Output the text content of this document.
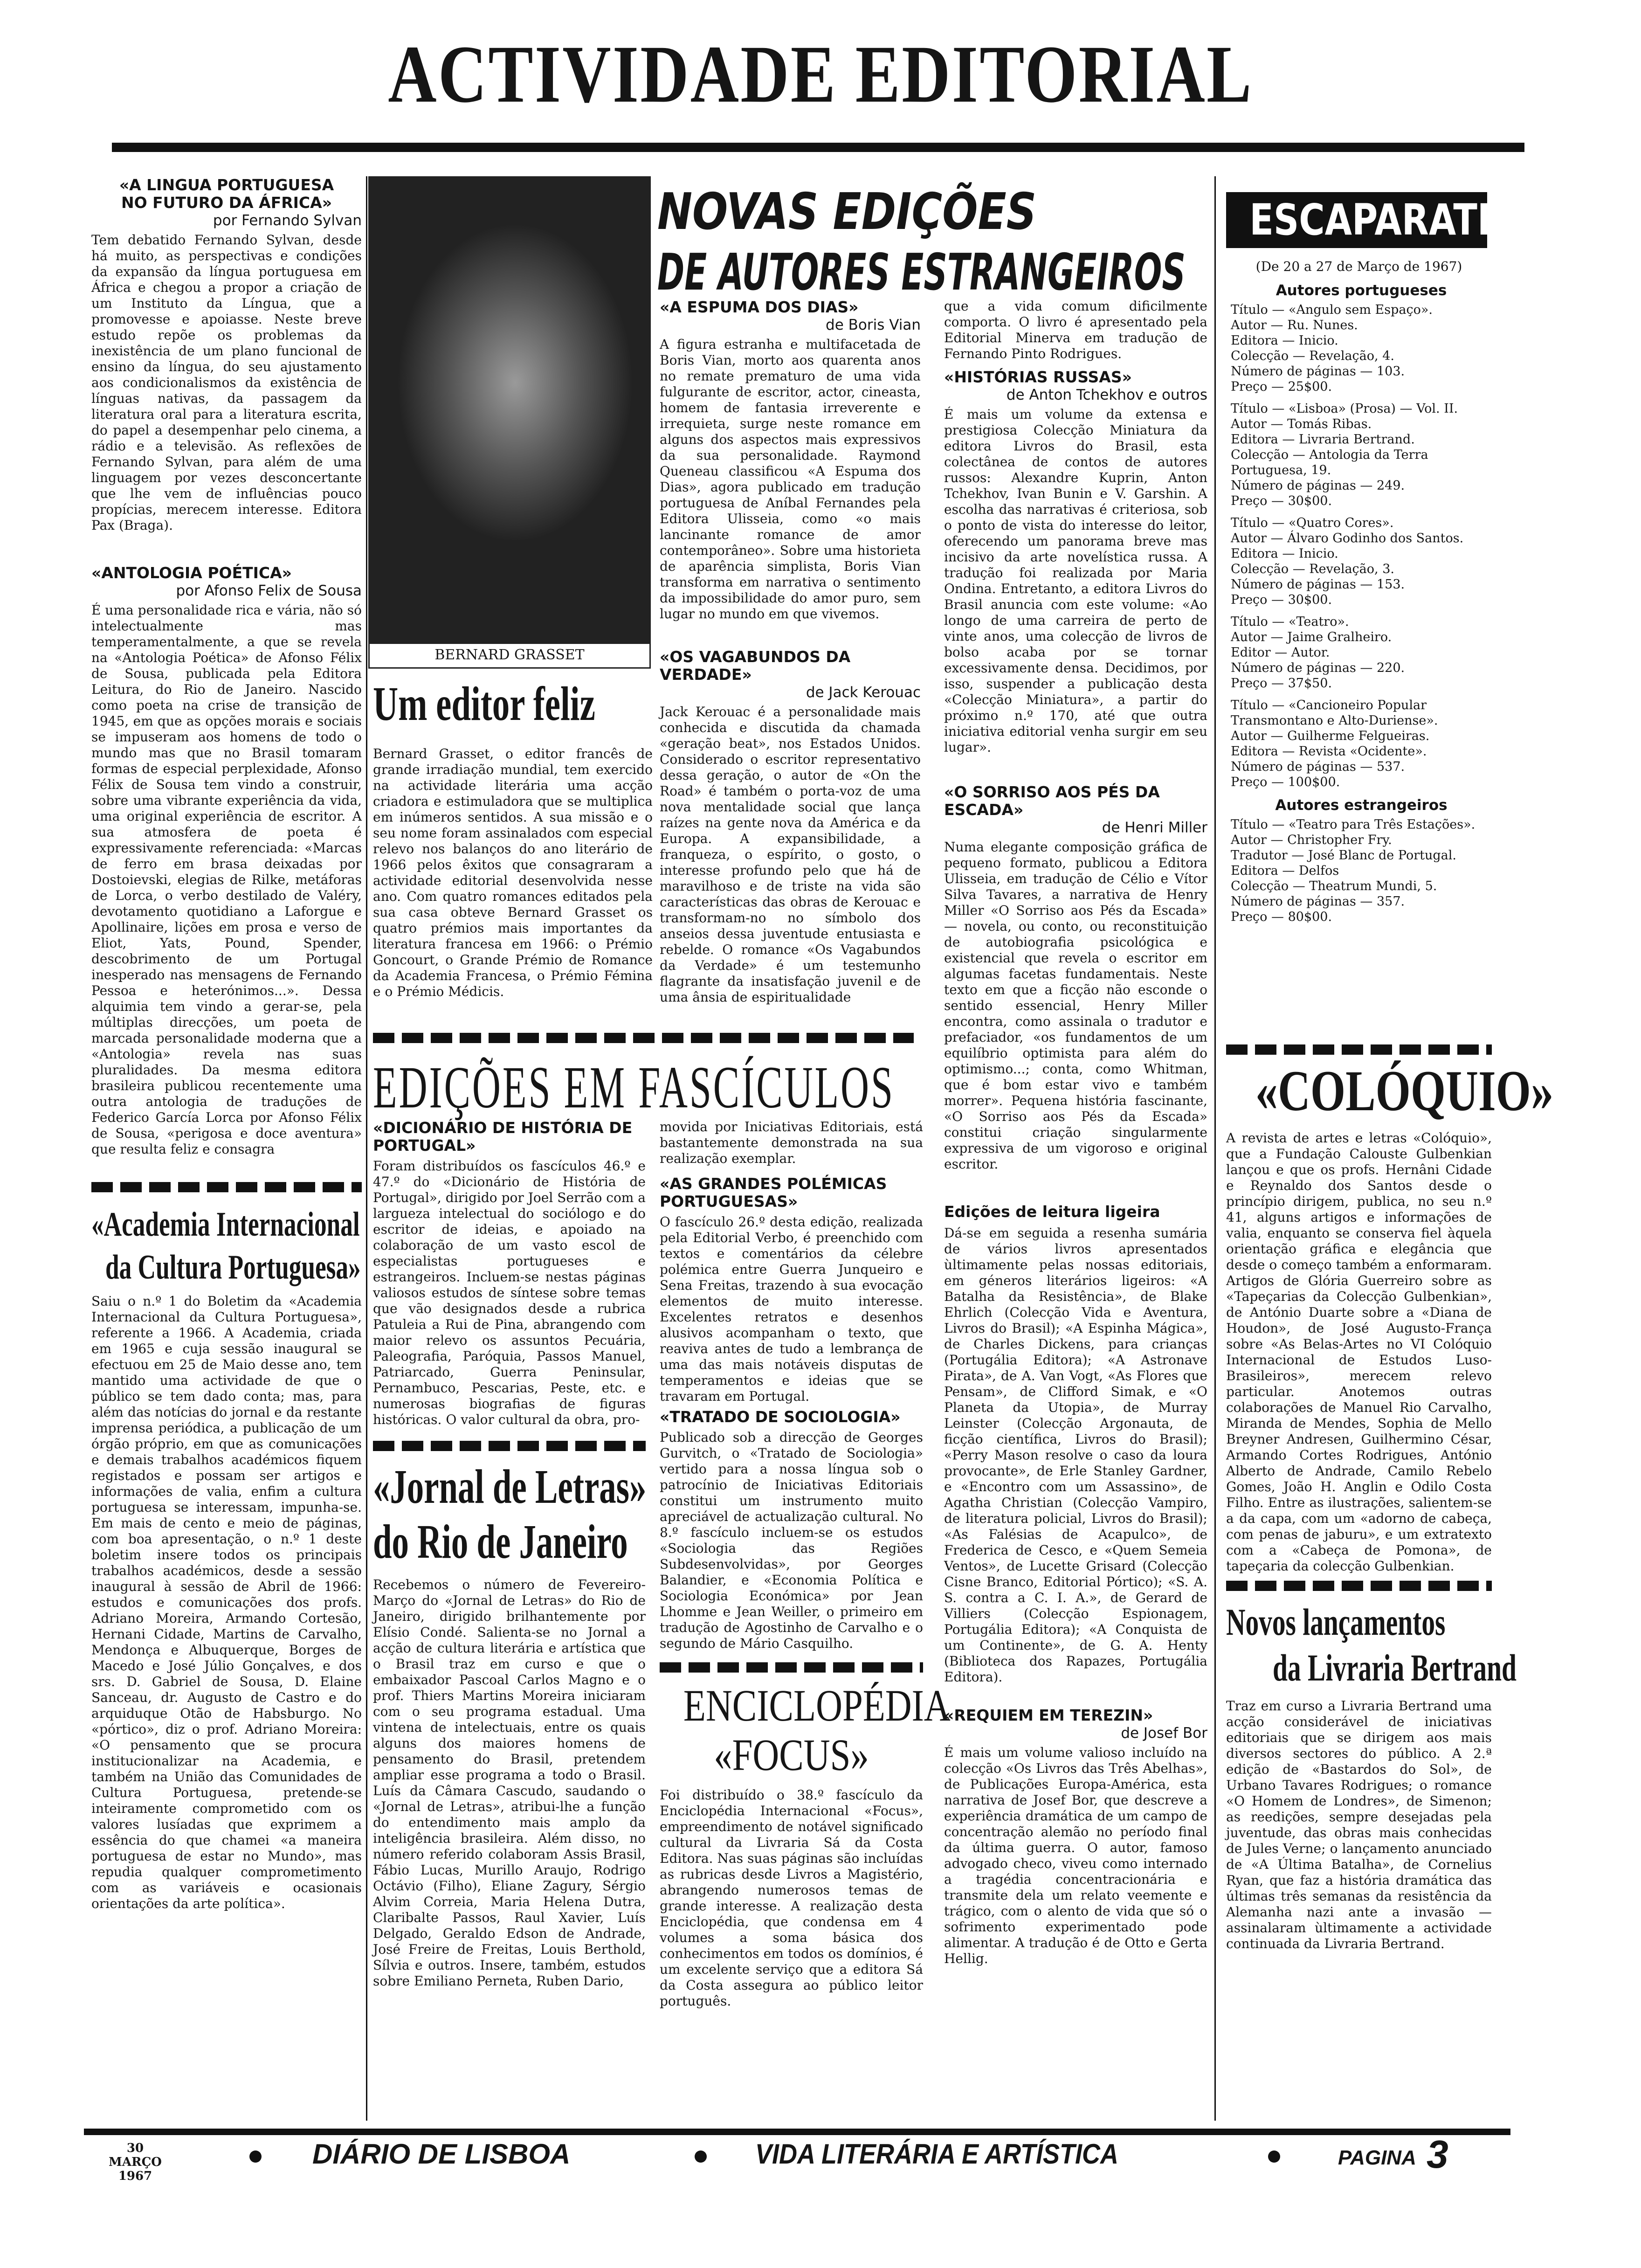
ACTIVIDADE EDITORIAL

«A LINGUA PORTUGUESA

NO FUTURO DA ÁFRICA»

por Fernando Sylvan

Tem debatido Fernando Sylvan, desde há muito, as perspectivas e condições da expansão da língua portuguesa em África e chegou a propor a criação de um Instituto da Língua, que a promovesse e apoiasse. Neste breve estudo repõe os problemas da inexistência de um plano funcional de ensino da língua, do seu ajustamento aos condicionalismos da existência de línguas nativas, da passagem da literatura oral para a literatura escrita, do papel a desempenhar pelo cinema, a rádio e a televisão. As reflexões de Fernando Sylvan, para além de uma linguagem por vezes desconcertante que lhe vem de influências pouco propícias, merecem interesse. Editora Pax (Braga).

«ANTOLOGIA POÉTICA»

por Afonso Felix de Sousa

É uma personalidade rica e vária, não só intelectualmente mas temperamentalmente, a que se revela na «Antologia Poética» de Afonso Félix de Sousa, publicada pela Editora Leitura, do Rio de Janeiro. Nascido como poeta na crise de transição de 1945, em que as opções morais e sociais se impuseram aos homens de todo o mundo mas que no Brasil tomaram formas de especial perplexidade, Afonso Félix de Sousa tem vindo a construir, sobre uma vibrante experiência da vida, uma original experiência de escritor. A sua atmosfera de poeta é expressivamente referenciada: «Marcas de ferro em brasa deixadas por Dostoievski, elegias de Rilke, metáforas de Lorca, o verbo destilado de Valéry, devotamento quotidiano a Laforgue e Apollinaire, lições em prosa e verso de Eliot, Yats, Pound, Spender, descobrimento de um Portugal inesperado nas mensagens de Fernando Pessoa e heterónimos...». Dessa alquimia tem vindo a gerar-se, pela múltiplas direcções, um poeta de marcada personalidade moderna que a «Antologia» revela nas suas pluralidades. Da mesma editora brasileira publicou recentemente uma outra antologia de traduções de Federico García Lorca por Afonso Félix de Sousa, «perigosa e doce aventura» que resulta feliz e consagra

«Academia Internacional
da Cultura Portuguesa»

Saiu o n.º 1 do Boletim da «Academia Internacional da Cultura Portuguesa», referente a 1966. A Academia, criada em 1965 e cuja sessão inaugural se efectuou em 25 de Maio desse ano, tem mantido uma actividade de que o público se tem dado conta; mas, para além das notícias do jornal e da restante imprensa periódica, a publicação de um órgão próprio, em que as comunicações e demais trabalhos académicos fiquem registados e possam ser artigos e informações de valia, enfim a cultura portuguesa se interessam, impunha-se. Em mais de cento e meio de páginas, com boa apresentação, o n.º 1 deste boletim insere todos os principais trabalhos académicos, desde a sessão inaugural à sessão de Abril de 1966: estudos e comunicações dos profs. Adriano Moreira, Armando Cortesão, Hernani Cidade, Martins de Carvalho, Mendonça e Albuquerque, Borges de Macedo e José Júlio Gonçalves, e dos srs. D. Gabriel de Sousa, D. Elaine Sanceau, dr. Augusto de Castro e do arquiduque Otão de Habsburgo. No «pórtico», diz o prof. Adriano Moreira: «O pensamento que se procura institucionalizar na Academia, e também na União das Comunidades de Cultura Portuguesa, pretende-se inteiramente comprometido com os valores lusíadas que exprimem a essência do que chamei «a maneira portuguesa de estar no Mundo», mas repudia qualquer comprometimento com as variáveis e ocasionais orientações da arte política».

BERNARD GRASSET
Um editor feliz

Bernard Grasset, o editor francês de grande irradiação mundial, tem exercido na actividade literária uma acção criadora e estimuladora que se multiplica em inúmeros sentidos. A sua missão e o seu nome foram assinalados com especial relevo nos balanços do ano literário de 1966 pelos êxitos que consagraram a actividade editorial desenvolvida nesse ano. Com quatro romances editados pela sua casa obteve Bernard Grasset os quatro prémios mais importantes da literatura francesa em 1966: o Prémio Goncourt, o Grande Prémio de Romance da Academia Francesa, o Prémio Fémina e o Prémio Médicis.

NOVAS EDIÇÕES
DE AUTORES ESTRANGEIROS

«A ESPUMA DOS DIAS»

de Boris Vian

A figura estranha e multifacetada de Boris Vian, morto aos quarenta anos no remate prematuro de uma vida fulgurante de escritor, actor, cineasta, homem de fantasia irreverente e irrequieta, surge neste romance em alguns dos aspectos mais expressivos da sua personalidade. Raymond Queneau classificou «A Espuma dos Dias», agora publicado em tradução portuguesa de Aníbal Fernandes pela Editora Ulisseia, como «o mais lancinante romance de amor contemporâneo». Sobre uma historieta de aparência simplista, Boris Vian transforma em narrativa o sentimento da impossibilidade do amor puro, sem lugar no mundo em que vivemos.

«OS VAGABUNDOS DA VERDADE»

de Jack Kerouac

Jack Kerouac é a personalidade mais conhecida e discutida da chamada «geração beat», nos Estados Unidos. Considerado o escritor representativo dessa geração, o autor de «On the Road» é também o porta-voz de uma nova mentalidade social que lança raízes na gente nova da América e da Europa. A expansibilidade, a franqueza, o espírito, o gosto, o interesse profundo pelo que há de maravilhoso e de triste na vida são características das obras de Kerouac e transformam-no no símbolo dos anseios dessa juventude entusiasta e rebelde. O romance «Os Vagabundos da Verdade» é um testemunho flagrante da insatisfação juvenil e de uma ânsia de espiritualidade

que a vida comum dificilmente comporta. O livro é apresentado pela Editorial Minerva em tradução de Fernando Pinto Rodrigues.

«HISTÓRIAS RUSSAS»

de Anton Tchekhov e outros

É mais um volume da extensa e prestigiosa Colecção Miniatura da editora Livros do Brasil, esta colectânea de contos de autores russos: Alexandre Kuprin, Anton Tchekhov, Ivan Bunin e V. Garshin. A escolha das narrativas é criteriosa, sob o ponto de vista do interesse do leitor, oferecendo um panorama breve mas incisivo da arte novelística russa. A tradução foi realizada por Maria Ondina. Entretanto, a editora Livros do Brasil anuncia com este volume: «Ao longo de uma carreira de perto de vinte anos, uma colecção de livros de bolso acaba por se tornar excessivamente densa. Decidimos, por isso, suspender a publicação desta «Colecção Miniatura», a partir do próximo n.º 170, até que outra iniciativa editorial venha surgir em seu lugar».

«O SORRISO AOS PÉS DA ESCADA»

de Henri Miller

Numa elegante composição gráfica de pequeno formato, publicou a Editora Ulisseia, em tradução de Célio e Vítor Silva Tavares, a narrativa de Henry Miller «O Sorriso aos Pés da Escada» — novela, ou conto, ou reconstituição de autobiografia psicológica e existencial que revela o escritor em algumas facetas fundamentais. Neste texto em que a ficção não esconde o sentido essencial, Henry Miller encontra, como assinala o tradutor e prefaciador, «os fundamentos de um equilíbrio optimista para além do optimismo...; conta, como Whitman, que é bom estar vivo e também morrer». Pequena história fascinante, «O Sorriso aos Pés da Escada» constitui criação singularmente expressiva de um vigoroso e original escritor.

Edições de leitura ligeira

Dá-se em seguida a resenha sumária de vários livros apresentados ùltimamente pelas nossas editoriais, em géneros literários ligeiros: «A Batalha da Resistência», de Blake Ehrlich (Colecção Vida e Aventura, Livros do Brasil); «A Espinha Mágica», de Charles Dickens, para crianças (Portugália Editora); «A Astronave Pirata», de A. Van Vogt, «As Flores que Pensam», de Clifford Simak, e «O Planeta da Utopia», de Murray Leinster (Colecção Argonauta, de ficção científica, Livros do Brasil); «Perry Mason resolve o caso da loura provocante», de Erle Stanley Gardner, e «Encontro com um Assassino», de Agatha Christian (Colecção Vampiro, de literatura policial, Livros do Brasil); «As Falésias de Acapulco», de Frederica de Cesco, e «Quem Semeia Ventos», de Lucette Grisard (Colecção Cisne Branco, Editorial Pórtico); «S. A. S. contra a C. I. A.», de Gerard de Villiers (Colecção Espionagem, Portugália Editora); «A Conquista de um Continente», de G. A. Henty (Biblioteca dos Rapazes, Portugália Editora).

«REQUIEM EM TEREZIN»

de Josef Bor

É mais um volume valioso incluído na colecção «Os Livros das Três Abelhas», de Publicações Europa-América, esta narrativa de Josef Bor, que descreve a experiência dramática de um campo de concentração alemão no período final da última guerra. O autor, famoso advogado checo, viveu como internado a tragédia concentracionária e transmite dela um relato veemente e trágico, com o alento de vida que só o sofrimento experimentado pode alimentar. A tradução é de Otto e Gerta Hellig.

EDIÇÕES EM FASCÍCULOS

«DICIONÁRIO DE HISTÓRIA DE PORTUGAL»

Foram distribuídos os fascículos 46.º e 47.º do «Dicionário de História de Portugal», dirigido por Joel Serrão com a largueza intelectual do sociólogo e do escritor de ideias, e apoiado na colaboração de um vasto escol de especialistas portugueses e estrangeiros. Incluem-se nestas páginas valiosos estudos de síntese sobre temas que vão designados desde a rubrica Patuleia a Rui de Pina, abrangendo com maior relevo os assuntos Pecuária, Paleografia, Paróquia, Passos Manuel, Patriarcado, Guerra Peninsular, Pernambuco, Pescarias, Peste, etc. e numerosas biografias de figuras históricas. O valor cultural da obra, pro-

«Jornal de Letras»
do Rio de Janeiro

Recebemos o número de Fevereiro-Março do «Jornal de Letras» do Rio de Janeiro, dirigido brilhantemente por Elísio Condé. Salienta-se no Jornal a acção de cultura literária e artística que o Brasil traz em curso e que o embaixador Pascoal Carlos Magno e o prof. Thiers Martins Moreira iniciaram com o seu programa estadual. Uma vintena de intelectuais, entre os quais alguns dos maiores homens de pensamento do Brasil, pretendem ampliar esse programa a todo o Brasil. Luís da Câmara Cascudo, saudando o «Jornal de Letras», atribui-lhe a função do entendimento mais amplo da inteligência brasileira. Além disso, no número referido colaboram Assis Brasil, Fábio Lucas, Murillo Araujo, Rodrigo Octávio (Filho), Eliane Zagury, Sérgio Alvim Correia, Maria Helena Dutra, Claribalte Passos, Raul Xavier, Luís Delgado, Geraldo Edson de Andrade, José Freire de Freitas, Louis Berthold, Sílvia e outros. Insere, também, estudos sobre Emiliano Perneta, Ruben Dario,

movida por Iniciativas Editoriais, está bastantemente demonstrada na sua realização exemplar.

«AS GRANDES POLÉMICAS PORTUGUESAS»

O fascículo 26.º desta edição, realizada pela Editorial Verbo, é preenchido com textos e comentários da célebre polémica entre Guerra Junqueiro e Sena Freitas, trazendo à sua evocação elementos de muito interesse. Excelentes retratos e desenhos alusivos acompanham o texto, que reaviva antes de tudo a lembrança de uma das mais notáveis disputas de temperamentos e ideias que se travaram em Portugal.

«TRATADO DE SOCIOLOGIA»

Publicado sob a direcção de Georges Gurvitch, o «Tratado de Sociologia» vertido para a nossa língua sob o patrocínio de Iniciativas Editoriais constitui um instrumento muito apreciável de actualização cultural. No 8.º fascículo incluem-se os estudos «Sociologia das Regiões Subdesenvolvidas», por Georges Balandier, e «Economia Política e Sociologia Económica» por Jean Lhomme e Jean Weiller, o primeiro em tradução de Agostinho de Carvalho e o segundo de Mário Casquilho.

ENCICLOPÉDIA
«FOCUS»

Foi distribuído o 38.º fascículo da Enciclopédia Internacional «Focus», empreendimento de notável significado cultural da Livraria Sá da Costa Editora. Nas suas páginas são incluídas as rubricas desde Livros a Magistério, abrangendo numerosos temas de grande interesse. A realização desta Enciclopédia, que condensa em 4 volumes a soma básica dos conhecimentos em todos os domínios, é um excelente serviço que a editora Sá da Costa assegura ao público leitor português.

ESCAPARATE
(De 20 a 27 de Março de 1967)

Autores portugueses

Título — «Angulo sem Espaço».

Autor — Ru. Nunes.

Editora — Inicio.

Colecção — Revelação, 4.

Número de páginas — 103.

Preço — 25$00.

Título — «Lisboa» (Prosa) — Vol. II.

Autor — Tomás Ribas.

Editora — Livraria Bertrand.

Colecção — Antologia da Terra Portuguesa, 19.

Número de páginas — 249.

Preço — 30$00.

Título — «Quatro Cores».

Autor — Álvaro Godinho dos Santos.

Editora — Inicio.

Colecção — Revelação, 3.

Número de páginas — 153.

Preço — 30$00.

Título — «Teatro».

Autor — Jaime Gralheiro.

Editor — Autor.

Número de páginas — 220.

Preço — 37$50.

Título — «Cancioneiro Popular Transmontano e Alto-Duriense».

Autor — Guilherme Felgueiras.

Editora — Revista «Ocidente».

Número de páginas — 537.

Preço — 100$00.

Autores estrangeiros

Título — «Teatro para Três Estações».

Autor — Christopher Fry.

Tradutor — José Blanc de Portugal.

Editora — Delfos

Colecção — Theatrum Mundi, 5.

Número de páginas — 357.

Preço — 80$00.

«COLÓQUIO»

A revista de artes e letras «Colóquio», que a Fundação Calouste Gulbenkian lançou e que os profs. Hernâni Cidade e Reynaldo dos Santos desde o princípio dirigem, publica, no seu n.º 41, alguns artigos e informações de valia, enquanto se conserva fiel àquela orientação gráfica e elegância que desde o começo também a enformaram. Artigos de Glória Guerreiro sobre as «Tapeçarias da Colecção Gulbenkian», de António Duarte sobre a «Diana de Houdon», de José Augusto-França sobre «As Belas-Artes no VI Colóquio Internacional de Estudos Luso-Brasileiros», merecem relevo particular. Anotemos outras colaborações de Manuel Rio Carvalho, Miranda de Mendes, Sophia de Mello Breyner Andresen, Guilhermino César, Armando Cortes Rodrigues, António Alberto de Andrade, Camilo Rebelo Gomes, João H. Anglin e Odilo Costa Filho. Entre as ilustrações, salientem-se a da capa, com um «adorno de cabeça, com penas de jaburu», e um extratexto com a «Cabeça de Pomona», de tapeçaria da colecção Gulbenkian.

Novos lançamentos
da Livraria Bertrand

Traz em curso a Livraria Bertrand uma acção considerável de iniciativas editoriais que se dirigem aos mais diversos sectores do público. A 2.ª edição de «Bastardos do Sol», de Urbano Tavares Rodrigues; o romance «O Homem de Londres», de Simenon; as reedições, sempre desejadas pela juventude, das obras mais conhecidas de Jules Verne; o lançamento anunciado de «A Última Batalha», de Cornelius Ryan, que faz a história dramática das últimas três semanas da resistência da Alemanha nazi ante a invasão — assinalaram ùltimamente a actividade continuada da Livraria Bertrand.

30
MARÇO
1967
DIÁRIO DE LISBOA	VIDA LITERÁRIA E ARTÍSTICA	PAGINA 3
